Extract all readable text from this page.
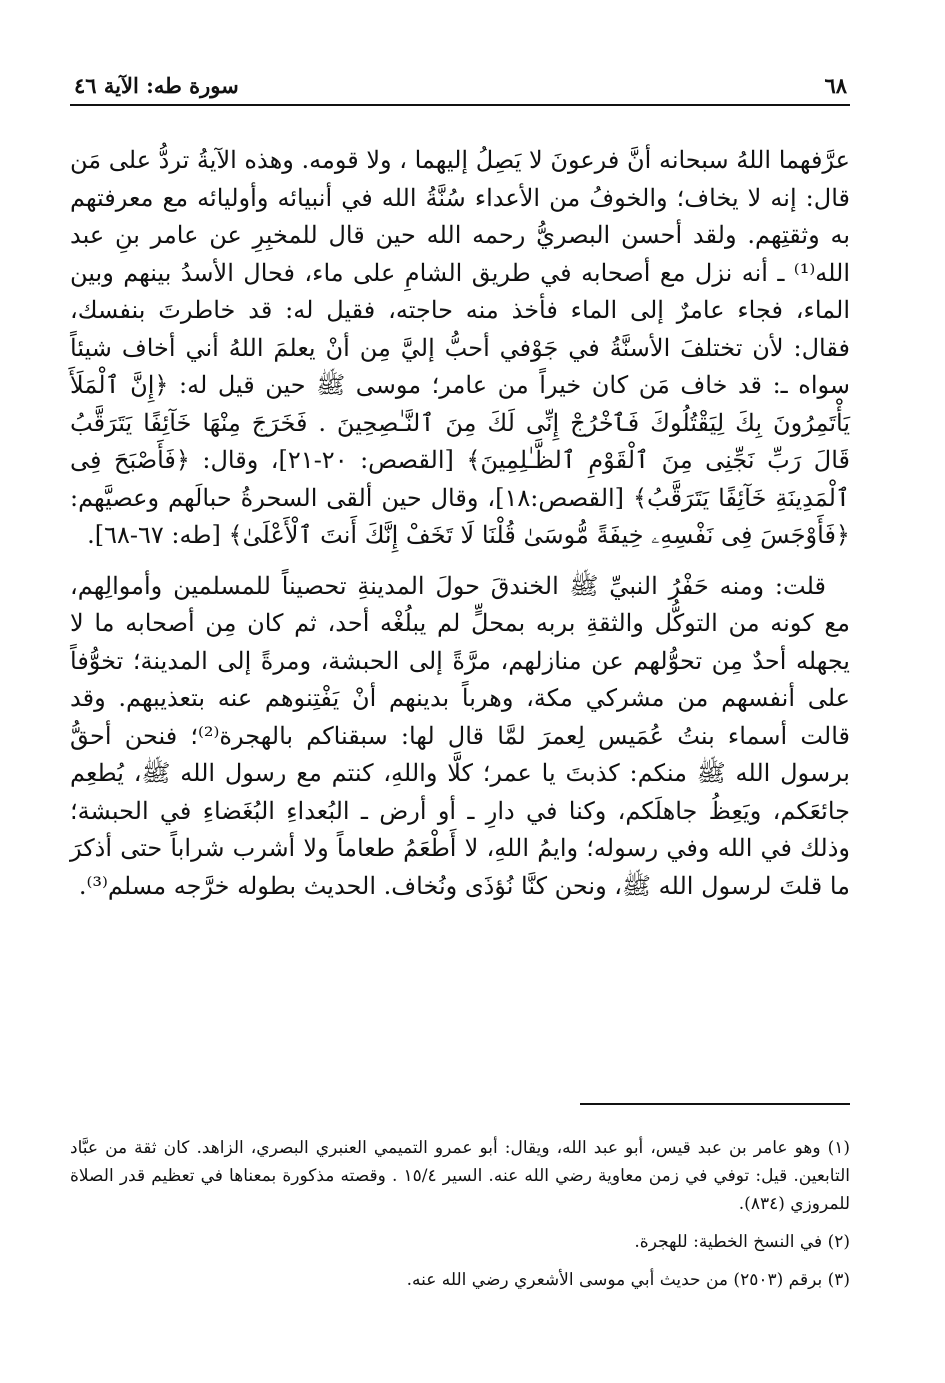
٦٨
سورة طه: الآية ٤٦

عرَّفهما اللهُ سبحانه أنَّ فرعونَ لا يَصِلُ إليهما ، ولا قومه. وهذه الآيةُ تردُّ على مَن قال: إنه لا يخاف؛ والخوفُ من الأعداء سُنَّةُ الله في أنبيائه وأوليائه مع معرفتهم به وثقتِهم. ولقد أحسن البصريُّ رحمه الله حين قال للمخبِرِ عن عامر بنِ عبد الله⁽¹⁾ ـ أنه نزل مع أصحابه في طريق الشامِ على ماء، فحال الأسدُ بينهم وبين الماء، فجاء عامرٌ إلى الماء فأخذ منه حاجته، فقيل له: قد خاطرتَ بنفسك، فقال: لأن تختلفَ الأسنَّةُ في جَوْفي أحبُّ إليَّ مِن أنْ يعلمَ اللهُ أني أخاف شيئاً سواه ـ: قد خاف مَن كان خيراً من عامر؛ موسى ﷺ حين قيل له: ﴿إِنَّ ٱلْمَلَأَ يَأْتَمِرُونَ بِكَ لِيَقْتُلُوكَ فَٱخْرُجْ إِنِّى لَكَ مِنَ ٱلنَّـٰصِحِينَ . فَخَرَجَ مِنْهَا خَآئِفًا يَتَرَقَّبُ قَالَ رَبِّ نَجِّنِى مِنَ ٱلْقَوْمِ ٱلظَّـٰلِمِينَ﴾ [القصص: ٢٠-٢١]، وقال: ﴿فَأَصْبَحَ فِى ٱلْمَدِينَةِ خَآئِفًا يَتَرَقَّبُ﴾ [القصص:١٨]، وقال حين ألقى السحرةُ حبالَهم وعصيَّهم: ﴿فَأَوْجَسَ فِى نَفْسِهِۦ خِيفَةً مُّوسَىٰ قُلْنَا لَا تَخَفْ إِنَّكَ أَنتَ ٱلْأَعْلَىٰ﴾ [طه: ٦٧-٦٨].

قلت: ومنه حَفْرُ النبيِّ ﷺ الخندقَ حولَ المدينةِ تحصيناً للمسلمين وأموالِهم، مع كونه من التوكُّل والثقةِ بربه بمحلٍّ لم يبلُغْه أحد، ثم كان مِن أصحابه ما لا يجهله أحدٌ مِن تحوُّلهم عن منازلهم، مرَّةً إلى الحبشة، ومرةً إلى المدينة؛ تخوُّفاً على أنفسهم من مشركي مكة، وهرباً بدينهم أنْ يَفْتِنوهم عنه بتعذيبهم. وقد قالت أسماء بنتُ عُمَيس لِعمرَ لمَّا قال لها: سبقناكم بالهجرة⁽²⁾؛ فنحن أحقُّ برسول الله ﷺ منكم: كذبتَ يا عمر؛ كلَّا واللهِ، كنتم مع رسول الله ﷺ، يُطعِم جائعَكم، ويَعِظُ جاهلَكم، وكنا في دارِ ـ أو أرض ـ البُعداءِ البُغَضاءِ في الحبشة؛ وذلك في الله وفي رسوله؛ وايمُ اللهِ، لا أَطْعَمُ طعاماً ولا أشرب شراباً حتى أذكرَ ما قلتَ لرسول الله ﷺ، ونحن كنَّا نُؤذَى ونُخاف. الحديث بطوله خرَّجه مسلم⁽³⁾.

(١) وهو عامر بن عبد قيس، أبو عبد الله، ويقال: أبو عمرو التميمي العنبري البصري، الزاهد. كان ثقة من عبَّاد التابعين. قيل: توفي في زمن معاوية رضي الله عنه. السير ١٥/٤ . وقصته مذكورة بمعناها في تعظيم قدر الصلاة للمروزي (٨٣٤).

(٢) في النسخ الخطية: للهجرة.

(٣) برقم (٢٥٠٣) من حديث أبي موسى الأشعري رضي الله عنه.
